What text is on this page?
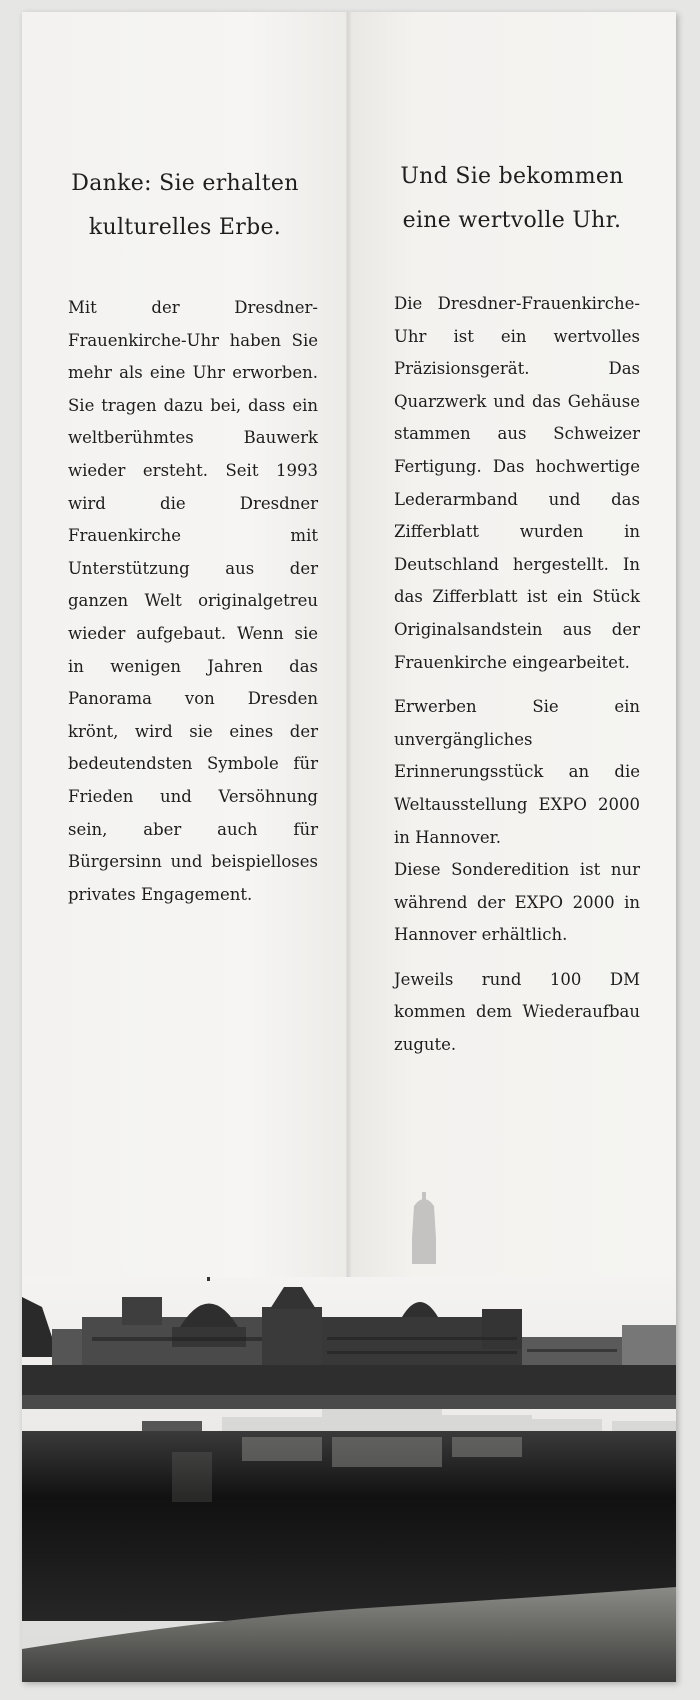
Danke: Sie erhalten
kulturelles Erbe.

Mit der Dresdner-Frauenkirche-Uhr haben Sie mehr als eine Uhr erworben. Sie tragen dazu bei, dass ein weltberühmtes Bauwerk wieder ersteht. Seit 1993 wird die Dresdner Frauenkirche mit Unterstützung aus der ganzen Welt originalgetreu wieder aufgebaut. Wenn sie in wenigen Jahren das Panorama von Dresden krönt, wird sie eines der bedeutendsten Symbole für Frieden und Versöhnung sein, aber auch für Bürgersinn und beispielloses privates Engagement.

Und Sie bekommen
eine wertvolle Uhr.

Die Dresdner-Frauenkirche-Uhr ist ein wertvolles Präzisionsgerät. Das Quarzwerk und das Gehäuse stammen aus Schweizer Fertigung. Das hochwertige Lederarmband und das Zifferblatt wurden in Deutschland hergestellt. In das Zifferblatt ist ein Stück Originalsandstein aus der Frauenkirche eingearbeitet.

Erwerben Sie ein unvergängliches Erinnerungsstück an die Weltausstellung EXPO 2000 in Hannover.

Diese Sonderedition ist nur während der EXPO 2000 in Hannover erhältlich.

Jeweils rund 100 DM kommen dem Wiederaufbau zugute.
